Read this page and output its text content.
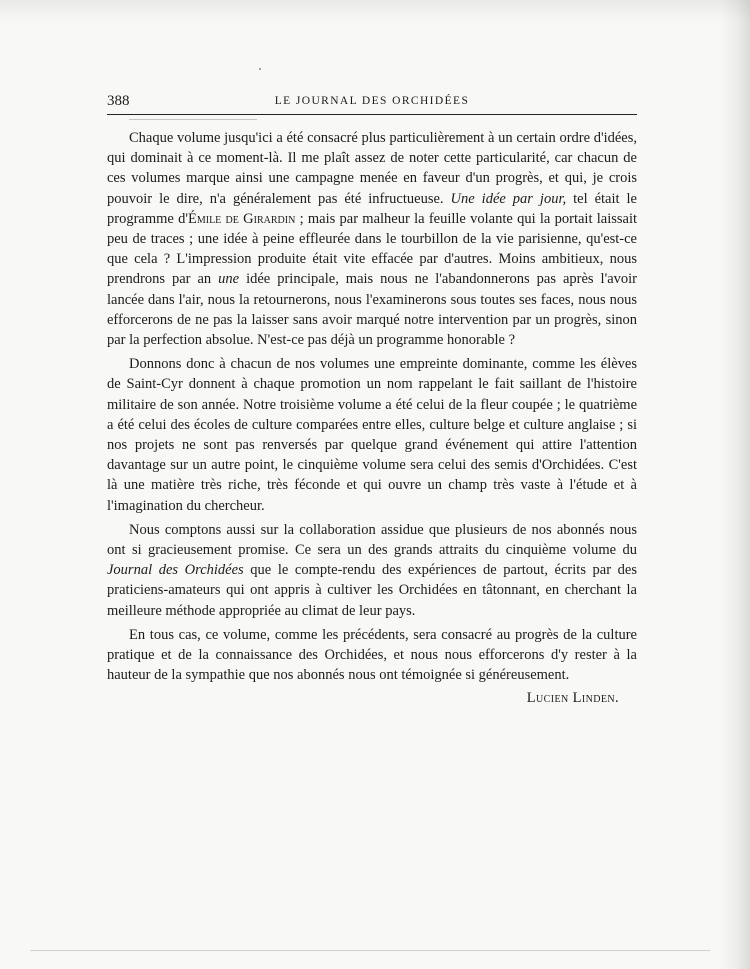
388	LE JOURNAL DES ORCHIDÉES

Chaque volume jusqu'ici a été consacré plus particulièrement à un certain ordre d'idées, qui dominait à ce moment-là. Il me plaît assez de noter cette particularité, car chacun de ces volumes marque ainsi une campagne menée en faveur d'un progrès, et qui, je crois pouvoir le dire, n'a généralement pas été infructueuse. Une idée par jour, tel était le programme d'Émile de Girardin ; mais par malheur la feuille volante qui la portait laissait peu de traces ; une idée à peine effleurée dans le tourbillon de la vie parisienne, qu'est-ce que cela ? L'impression produite était vite effacée par d'autres. Moins ambitieux, nous prendrons par an une idée principale, mais nous ne l'abandonnerons pas après l'avoir lancée dans l'air, nous la retournerons, nous l'examinerons sous toutes ses faces, nous nous efforcerons de ne pas la laisser sans avoir marqué notre intervention par un progrès, sinon par la perfection absolue. N'est-ce pas déjà un programme honorable ?

Donnons donc à chacun de nos volumes une empreinte dominante, comme les élèves de Saint-Cyr donnent à chaque promotion un nom rappelant le fait saillant de l'histoire militaire de son année. Notre troisième volume a été celui de la fleur coupée ; le quatrième a été celui des écoles de culture comparées entre elles, culture belge et culture anglaise ; si nos projets ne sont pas renversés par quelque grand événement qui attire l'attention davantage sur un autre point, le cinquième volume sera celui des semis d'Orchidées. C'est là une matière très riche, très féconde et qui ouvre un champ très vaste à l'étude et à l'imagination du chercheur.

Nous comptons aussi sur la collaboration assidue que plusieurs de nos abonnés nous ont si gracieusement promise. Ce sera un des grands attraits du cinquième volume du Journal des Orchidées que le compte-rendu des expériences de partout, écrits par des praticiens-amateurs qui ont appris à cultiver les Orchidées en tâtonnant, en cherchant la meilleure méthode appropriée au climat de leur pays.

En tous cas, ce volume, comme les précédents, sera consacré au progrès de la culture pratique et de la connaissance des Orchidées, et nous nous efforcerons d'y rester à la hauteur de la sympathie que nos abonnés nous ont témoignée si généreusement.

Lucien Linden.
